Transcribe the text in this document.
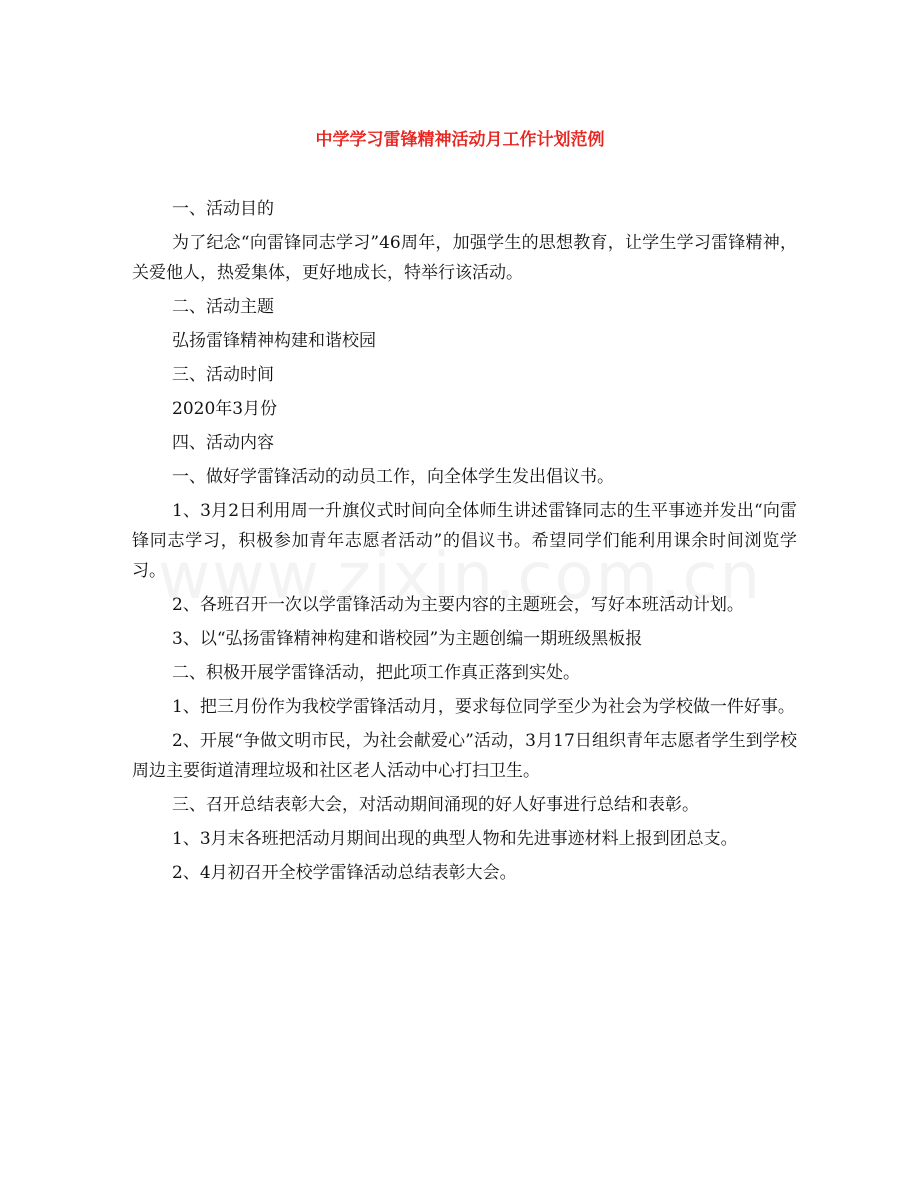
中学学习雷锋精神活动月工作计划范例

一、活动目的

为了纪念“向雷锋同志学习”46周年，加强学生的思想教育，让学生学习雷锋精神，关爱他人，热爱集体，更好地成长，特举行该活动。

二、活动主题

弘扬雷锋精神构建和谐校园

三、活动时间

2020年3月份

四、活动内容

一、做好学雷锋活动的动员工作，向全体学生发出倡议书。

1、3月2日利用周一升旗仪式时间向全体师生讲述雷锋同志的生平事迹并发出“向雷锋同志学习，积极参加青年志愿者活动”的倡议书。希望同学们能利用课余时间浏览学习。

2、各班召开一次以学雷锋活动为主要内容的主题班会，写好本班活动计划。

3、以“弘扬雷锋精神构建和谐校园”为主题创编一期班级黑板报

二、积极开展学雷锋活动，把此项工作真正落到实处。

1、把三月份作为我校学雷锋活动月，要求每位同学至少为社会为学校做一件好事。

2、开展“争做文明市民，为社会献爱心”活动，3月17日组织青年志愿者学生到学校周边主要街道清理垃圾和社区老人活动中心打扫卫生。

三、召开总结表彰大会，对活动期间涌现的好人好事进行总结和表彰。

1、3月末各班把活动月期间出现的典型人物和先进事迹材料上报到团总支。

2、4月初召开全校学雷锋活动总结表彰大会。
